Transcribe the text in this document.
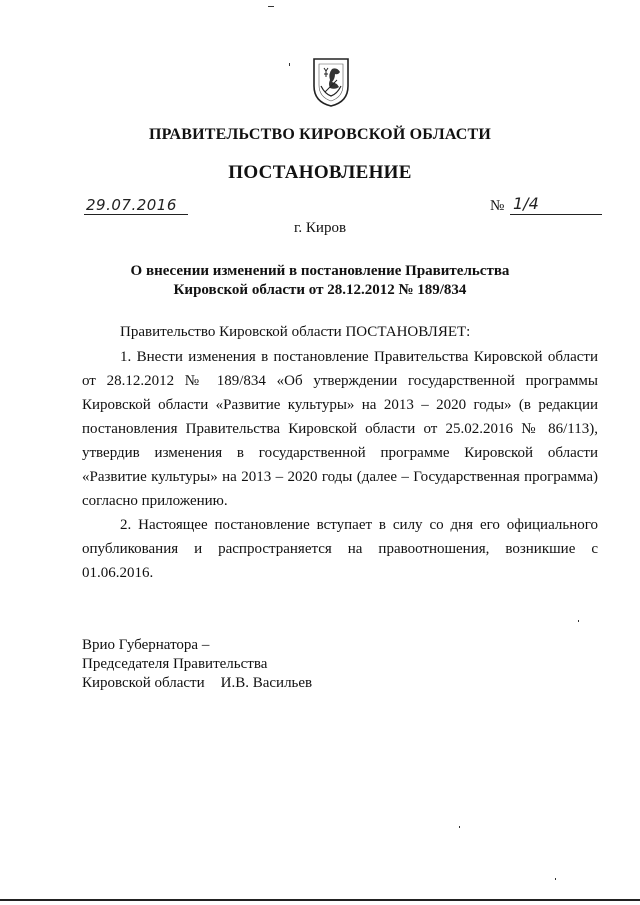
ПРАВИТЕЛЬСТВО КИРОВСКОЙ ОБЛАСТИ
ПОСТАНОВЛЕНИЕ
29.07.2016	№ 1/4
г. Киров
О внесении изменений в постановление Правительства Кировской области от 28.12.2012 № 189/834

Правительство Кировской области ПОСТАНОВЛЯЕТ:

1. Внести изменения в постановление Правительства Кировской области от 28.12.2012 № 189/834 «Об утверждении государственной программы Кировской области «Развитие культуры» на 2013 – 2020 годы» (в редакции постановления Правительства Кировской области от 25.02.2016 № 86/113), утвердив изменения в государственной программе Кировской области «Развитие культуры» на 2013 – 2020 годы (далее – Государственная программа) согласно приложению.

2. Настоящее постановление вступает в силу со дня его официального опубликования и распространяется на правоотношения, возникшие с 01.06.2016.

Врио Губернатора –
Председателя Правительства
Кировской области И.В. Васильев
